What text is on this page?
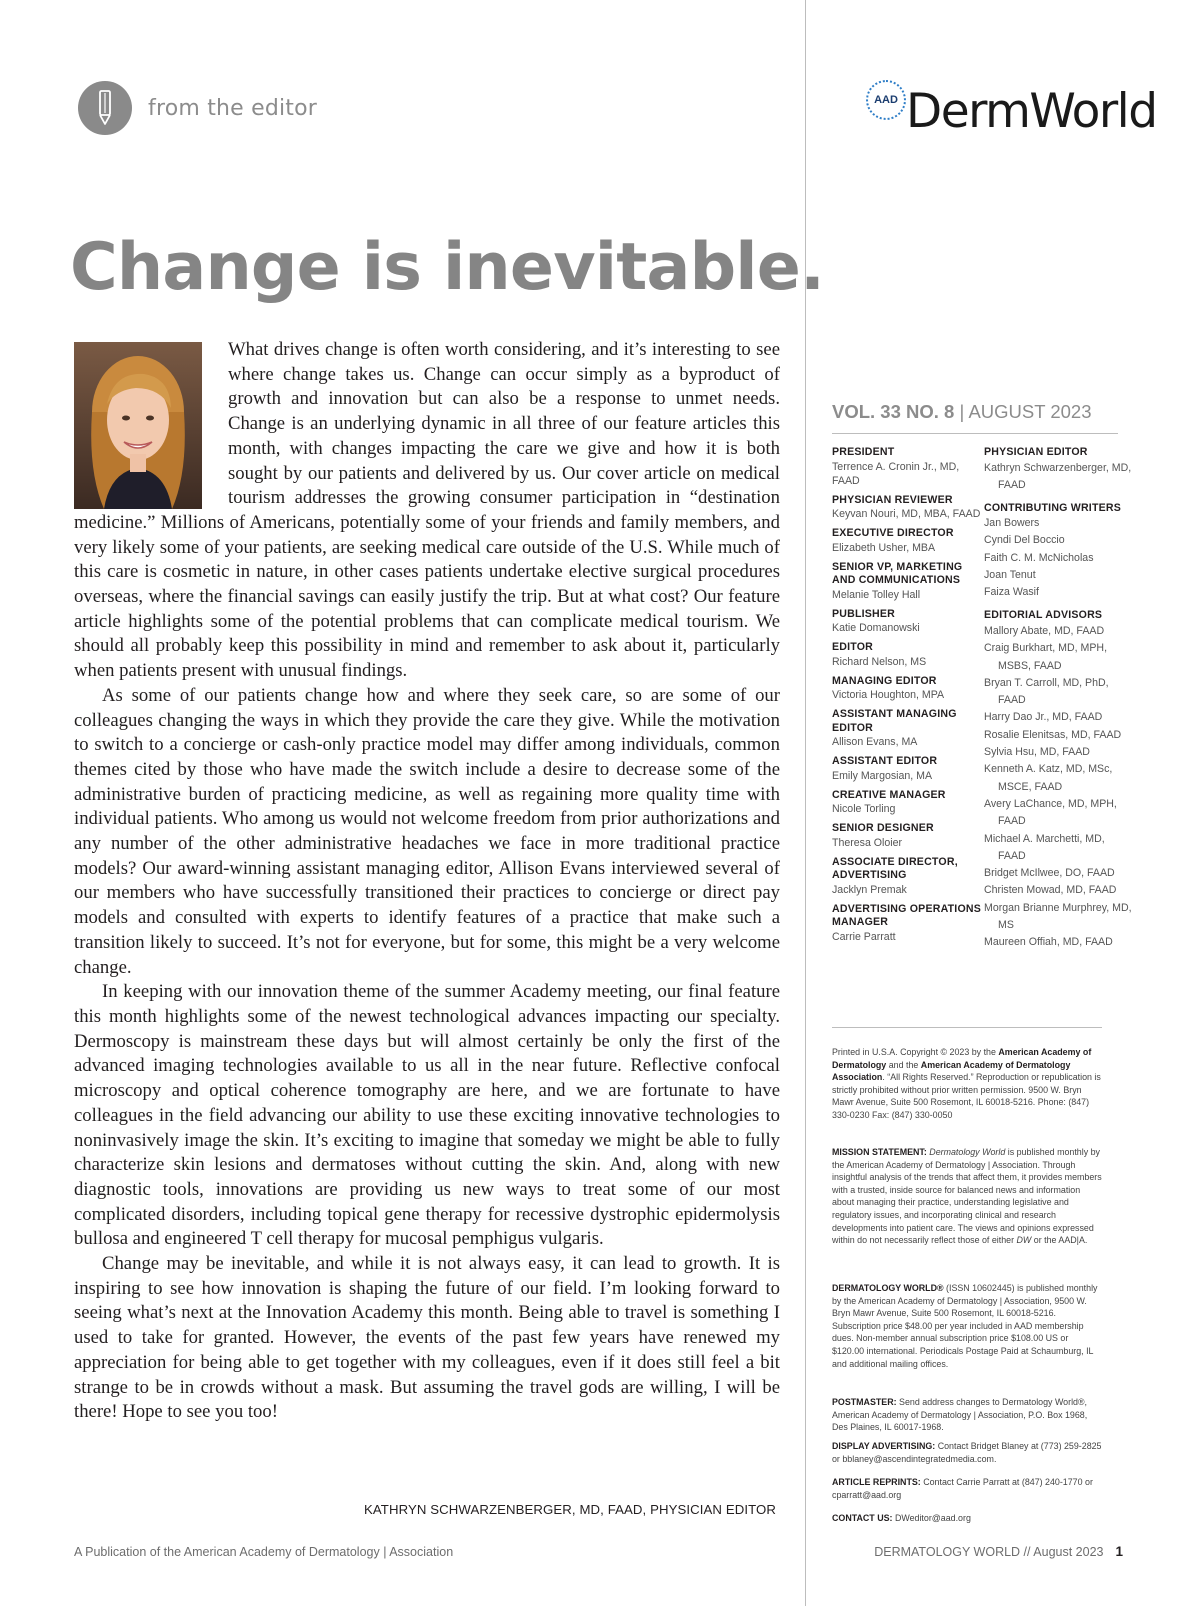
from the editor	AAD DermWorld
Change is inevitable.

What drives change is often worth considering, and it’s interesting to see where change takes us. Change can occur simply as a byproduct of growth and innovation but can also be a response to unmet needs. Change is an underlying dynamic in all three of our feature articles this month, with changes impacting the care we give and how it is both sought by our patients and delivered by us. Our cover article on medical tourism addresses the growing consumer participation in “destination medicine.” Millions of Americans, potentially some of your friends and family members, and very likely some of your patients, are seeking medical care outside of the U.S. While much of this care is cosmetic in nature, in other cases patients undertake elective surgical procedures overseas, where the financial savings can easily justify the trip. But at what cost? Our feature article highlights some of the potential problems that can complicate medical tourism. We should all probably keep this possibility in mind and remember to ask about it, particularly when patients present with unusual findings.

As some of our patients change how and where they seek care, so are some of our colleagues changing the ways in which they provide the care they give. While the motivation to switch to a concierge or cash-only practice model may differ among individuals, common themes cited by those who have made the switch include a desire to decrease some of the administrative burden of practicing medicine, as well as regaining more quality time with individual patients. Who among us would not welcome freedom from prior authorizations and any number of the other administrative headaches we face in more traditional practice models? Our award-winning assistant managing editor, Allison Evans interviewed several of our members who have successfully transitioned their practices to concierge or direct pay models and consulted with experts to identify features of a practice that make such a transition likely to succeed. It’s not for everyone, but for some, this might be a very welcome change.

In keeping with our innovation theme of the summer Academy meeting, our final feature this month highlights some of the newest technological advances impacting our specialty. Dermoscopy is mainstream these days but will almost certainly be only the first of the advanced imaging technologies available to us all in the near future. Reflective confocal microscopy and optical coherence tomography are here, and we are fortunate to have colleagues in the field advancing our ability to use these exciting innovative technologies to noninvasively image the skin. It’s exciting to imagine that someday we might be able to fully characterize skin lesions and dermatoses without cutting the skin. And, along with new diagnostic tools, innovations are providing us new ways to treat some of our most complicated disorders, including topical gene therapy for recessive dystrophic epidermolysis bullosa and engineered T cell therapy for mucosal pemphigus vulgaris.

Change may be inevitable, and while it is not always easy, it can lead to growth. It is inspiring to see how innovation is shaping the future of our field. I’m looking forward to seeing what’s next at the Innovation Academy this month. Being able to travel is something I used to take for granted. However, the events of the past few years have renewed my appreciation for being able to get together with my colleagues, even if it does still feel a bit strange to be in crowds without a mask. But assuming the travel gods are willing, I will be there! Hope to see you too!

KATHRYN SCHWARZENBERGER, MD, FAAD, PHYSICIAN EDITOR
A Publication of the American Academy of Dermatology | Association	DERMATOLOGY WORLD // August 2023 1
VOL. 33 NO. 8 | AUGUST 2023
PRESIDENT
Terrence A. Cronin Jr., MD, FAAD
PHYSICIAN REVIEWER
Keyvan Nouri, MD, MBA, FAAD
EXECUTIVE DIRECTOR
Elizabeth Usher, MBA
SENIOR VP, MARKETING AND COMMUNICATIONS
Melanie Tolley Hall
PUBLISHER
Katie Domanowski
EDITOR
Richard Nelson, MS
MANAGING EDITOR
Victoria Houghton, MPA
ASSISTANT MANAGING EDITOR
Allison Evans, MA
ASSISTANT EDITOR
Emily Margosian, MA
CREATIVE MANAGER
Nicole Torling
SENIOR DESIGNER
Theresa Oloier
ASSOCIATE DIRECTOR, ADVERTISING
Jacklyn Premak
ADVERTISING OPERATIONS MANAGER
Carrie Parratt
PHYSICIAN EDITOR
Kathryn Schwarzenberger, MD, FAAD
CONTRIBUTING WRITERS
Jan Bowers
Cyndi Del Boccio
Faith C. M. McNicholas
Joan Tenut
Faiza Wasif
EDITORIAL ADVISORS
Mallory Abate, MD, FAAD
Craig Burkhart, MD, MPH, MSBS, FAAD
Bryan T. Carroll, MD, PhD, FAAD
Harry Dao Jr., MD, FAAD
Rosalie Elenitsas, MD, FAAD
Sylvia Hsu, MD, FAAD
Kenneth A. Katz, MD, MSc, MSCE, FAAD
Avery LaChance, MD, MPH, FAAD
Michael A. Marchetti, MD, FAAD
Bridget McIlwee, DO, FAAD
Christen Mowad, MD, FAAD
Morgan Brianne Murphrey, MD, MS
Maureen Offiah, MD, FAAD
Printed in U.S.A. Copyright © 2023 by the American Academy of Dermatology and the American Academy of Dermatology Association. “All Rights Reserved.” Reproduction or republication is strictly prohibited without prior written permission. 9500 W. Bryn Mawr Avenue, Suite 500 Rosemont, IL 60018-5216. Phone: (847) 330-0230 Fax: (847) 330-0050
MISSION STATEMENT: Dermatology World is published monthly by the American Academy of Dermatology | Association. Through insightful analysis of the trends that affect them, it provides members with a trusted, inside source for balanced news and information about managing their practice, understanding legislative and regulatory issues, and incorporating clinical and research developments into patient care. The views and opinions expressed within do not necessarily reflect those of either DW or the AAD|A.
DERMATOLOGY WORLD® (ISSN 10602445) is published monthly by the American Academy of Dermatology | Association, 9500 W. Bryn Mawr Avenue, Suite 500 Rosemont, IL 60018-5216. Subscription price $48.00 per year included in AAD membership dues. Non-member annual subscription price $108.00 US or $120.00 international. Periodicals Postage Paid at Schaumburg, IL and additional mailing offices.
POSTMASTER: Send address changes to Dermatology World®, American Academy of Dermatology | Association, P.O. Box 1968, Des Plaines, IL 60017-1968.
DISPLAY ADVERTISING: Contact Bridget Blaney at (773) 259-2825 or bblaney@ascendintegratedmedia.com.
ARTICLE REPRINTS: Contact Carrie Parratt at (847) 240-1770 or cparratt@aad.org
CONTACT US: DWeditor@aad.org
